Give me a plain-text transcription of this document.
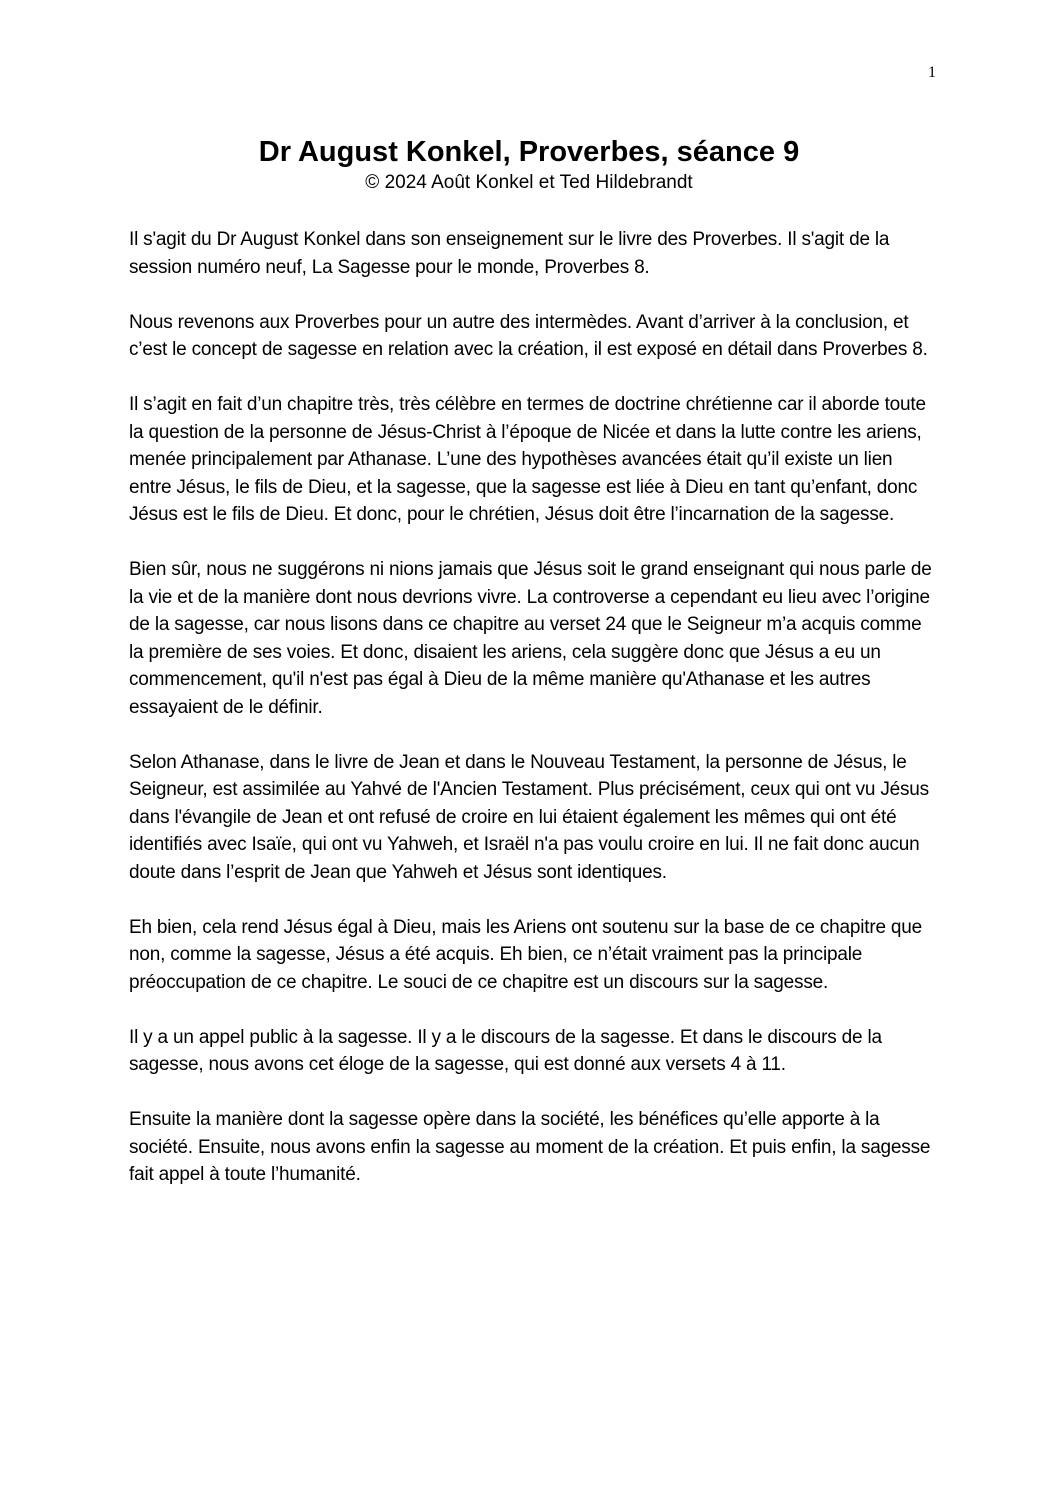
1
Dr August Konkel, Proverbes, séance 9

© 2024 Août Konkel et Ted Hildebrandt

Il s'agit du Dr August Konkel dans son enseignement sur le livre des Proverbes. Il s'agit de la session numéro neuf, La Sagesse pour le monde, Proverbes 8.

Nous revenons aux Proverbes pour un autre des intermèdes. Avant d’arriver à la conclusion, et c’est le concept de sagesse en relation avec la création, il est exposé en détail dans Proverbes 8.

Il s’agit en fait d’un chapitre très, très célèbre en termes de doctrine chrétienne car il aborde toute la question de la personne de Jésus-Christ à l’époque de Nicée et dans la lutte contre les ariens, menée principalement par Athanase. L’une des hypothèses avancées était qu’il existe un lien entre Jésus, le fils de Dieu, et la sagesse, que la sagesse est liée à Dieu en tant qu’enfant, donc Jésus est le fils de Dieu. Et donc, pour le chrétien, Jésus doit être l’incarnation de la sagesse.

Bien sûr, nous ne suggérons ni nions jamais que Jésus soit le grand enseignant qui nous parle de la vie et de la manière dont nous devrions vivre. La controverse a cependant eu lieu avec l’origine de la sagesse, car nous lisons dans ce chapitre au verset 24 que le Seigneur m’a acquis comme la première de ses voies. Et donc, disaient les ariens, cela suggère donc que Jésus a eu un commencement, qu'il n'est pas égal à Dieu de la même manière qu'Athanase et les autres essayaient de le définir.

Selon Athanase, dans le livre de Jean et dans le Nouveau Testament, la personne de Jésus, le Seigneur, est assimilée au Yahvé de l'Ancien Testament. Plus précisément, ceux qui ont vu Jésus dans l'évangile de Jean et ont refusé de croire en lui étaient également les mêmes qui ont été identifiés avec Isaïe, qui ont vu Yahweh, et Israël n'a pas voulu croire en lui. Il ne fait donc aucun doute dans l’esprit de Jean que Yahweh et Jésus sont identiques.

Eh bien, cela rend Jésus égal à Dieu, mais les Ariens ont soutenu sur la base de ce chapitre que non, comme la sagesse, Jésus a été acquis. Eh bien, ce n’était vraiment pas la principale préoccupation de ce chapitre. Le souci de ce chapitre est un discours sur la sagesse.

Il y a un appel public à la sagesse. Il y a le discours de la sagesse. Et dans le discours de la sagesse, nous avons cet éloge de la sagesse, qui est donné aux versets 4 à 11.

Ensuite la manière dont la sagesse opère dans la société, les bénéfices qu’elle apporte à la société. Ensuite, nous avons enfin la sagesse au moment de la création. Et puis enfin, la sagesse fait appel à toute l’humanité.
